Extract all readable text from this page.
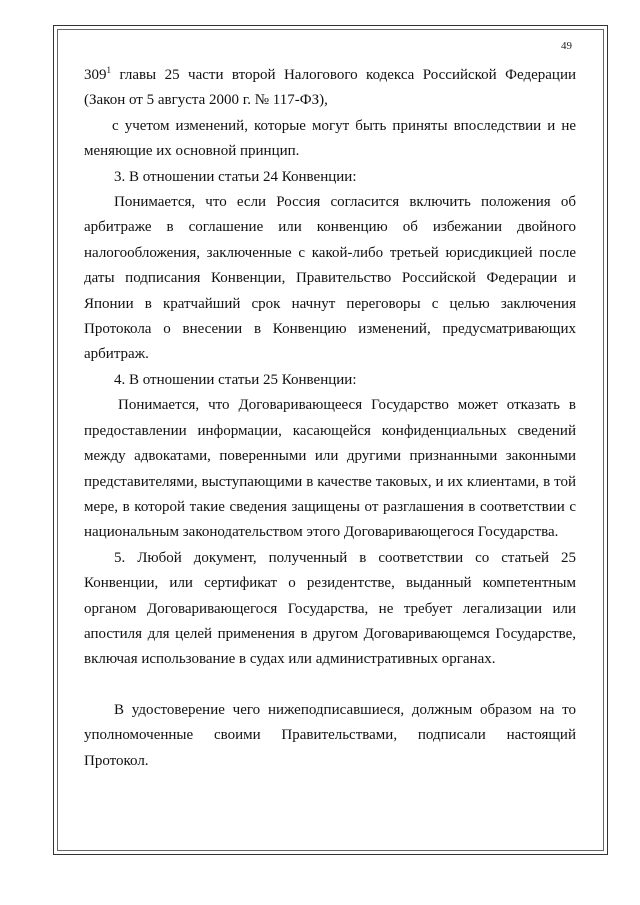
49
$309^1$ главы 25 части второй Налогового кодекса Российской Федерации
(Закон от 5 августа 2000 г. № 117-ФЗ),
с учетом изменений, которые могут быть приняты впоследствии и не
меняющие их основной принцип.
3. В отношении статьи 24 Конвенции:
Понимается, что если Россия согласится включить положения об
арбитраже в соглашение или конвенцию об избежании двойного
налогообложения, заключенные с какой-либо третьей юрисдикцией после
даты подписания Конвенции, Правительство Российской Федерации и
Японии в кратчайший срок начнут переговоры с целью заключения
Протокола о внесении в Конвенцию изменений, предусматривающих
арбитраж.
4. В отношении статьи 25 Конвенции:
Понимается, что Договаривающееся Государство может отказать в
предоставлении информации, касающейся конфиденциальных сведений
между адвокатами, поверенными или другими признанными законными
представителями, выступающими в качестве таковых, и их клиентами, в той
мере, в которой такие сведения защищены от разглашения в соответствии с
национальным законодательством этого Договаривающегося Государства.
5. Любой документ, полученный в соответствии со статьей 25
Конвенции, или сертификат о резидентстве, выданный компетентным
органом Договаривающегося Государства, не требует легализации или
апостиля для целей применения в другом Договаривающемся Государстве,
включая использование в судах или административных органах.
В удостоверение чего нижеподписавшиеся, должным образом на то
уполномоченные своими Правительствами, подписали настоящий
Протокол.
